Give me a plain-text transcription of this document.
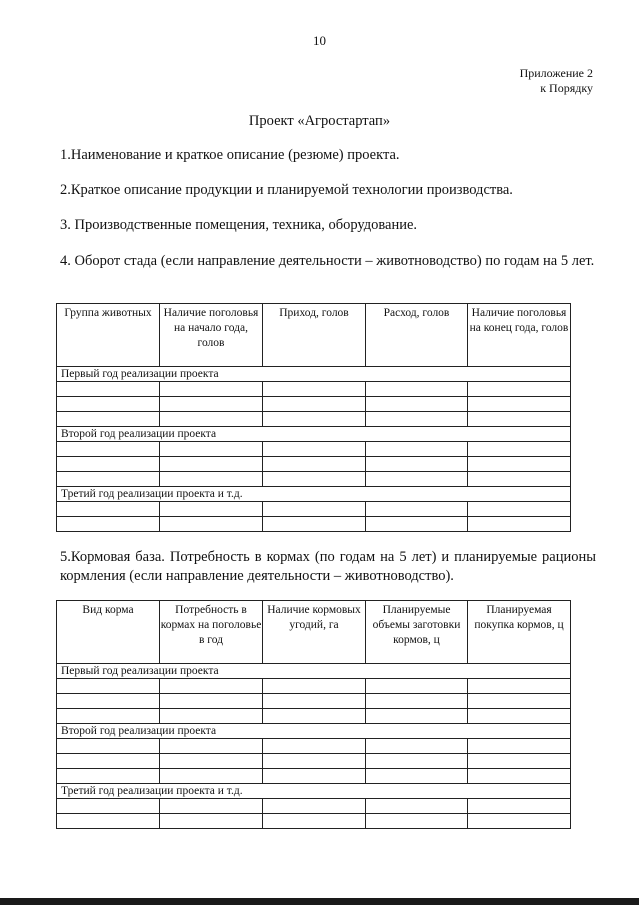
10
Приложение 2
к Порядку
Проект «Агростартап»
1.Наименование и краткое описание (резюме) проекта.
2.Краткое описание продукции и планируемой технологии производства.
3. Производственные помещения, техника, оборудование.
4. Оборот стада (если направление деятельности – животноводство) по годам на 5 лет.
Группа животных	Наличие поголовья на начало года, голов	Приход, голов	Расход, голов	Наличие поголовья на конец года, голов
Первый год реализации проекта				

Второй год реализации проекта				

Третий год реализации проекта и т.д.				

5.Кормовая база. Потребность в кормах (по годам на 5 лет) и планируемые рационы кормления (если направление деятельности – животноводство).
Вид корма	Потребность в кормах на поголовье в год	Наличие кормовых угодий, га	Планируемые объемы заготовки кормов, ц	Планируемая покупка кормов, ц
Первый год реализации проекта				

Второй год реализации проекта				

Третий год реализации проекта и т.д.				
